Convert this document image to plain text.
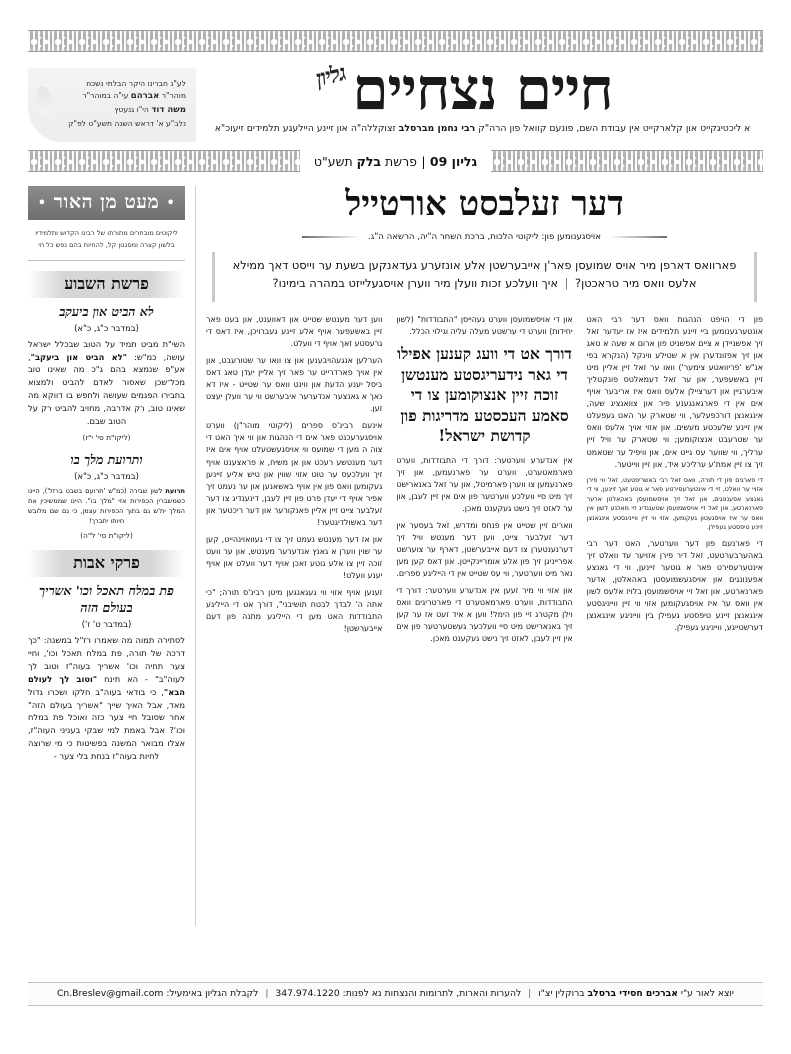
גליון חיים נצחיים
א ליכטיגקייט און קלארקייט אין עבודת השם, פונעם קוואל פון הרה"ק רבי נחמן מברסלב זצוקללה"ה און זיינע היילעגע תלמידים זיעוכ"א
לע"נ חברינו היקר הבלתי נשכח
מוהר"ר אברהם עי"ה במוהר"ר
משה דוד הי"ו גנעטץ
נלב"ע א' דראש השנה תשע"ט לפ"ק
גליון 09 | פרשת בלק תשע"ט
דער זעלבסט אורטייל
אויסגענומען פון: ליקוטי הלכות, ברכת השחר ה"יה, הרשאה ה"ג.
פארוואס דארפן מיר אויס שמועסן פאר'ן אייבערשטן אלע אונזערע געדאנקען בשעת ער וייסט דאך ממילא אלעס וואס מיר טראכטן? | איך וועלכע זכות וועלן מיר ווערן אויסגעלייזט במהרה בימינו?

פון די הויפט הנהגות וואס דער רבי האט אונטערגענומען ביי זיינע תלמידים איז אז יעדער זאל זיך אפשניידן א ציים אפשניט פון ארום א שעה א טאג און זיך אפזונדערן אין א שטילע ווינקל (הנקרא בפי אנ"ש 'פריוואטע צימער') וואו ער זאל זיין אליין מיט זיין באשעפער, און ער זאל דעמאלטס פונקטליך איבערגיין און דערציילן אלעס וואס איז אריבער אויף אים אין די פארגאנגענע פיר און צוואנציג שעה, אינגאנצן דורכפעלער, ווי שטארק ער האט געפעלט אין זיינע שלעכטע מעשים. און אזוי אויך אלעס וואס ער שטרעבט אנצוקומען; ווי שטארק ער וויל זיין ערליך, ווי שווער עס גייט אים, און וויפיל ער שטאמט זיך צו זיין אמת'ע ערליכע איד, און זיין ווייטער.

די פארגים פון די תורה, וואס זאל רבי באשריפטעט, זאל ווי פירן אזויי ער וואלט, זיי די אינטערעסירטע פאר א גוטע זאך זיינען, ווי די גאנצע אפענונגים, און זאל זיך אויסשמועסן באהאלטן ארער פארנארטע, און זאל זיי אויסשמועסן שטעגנדיג זיי מאכנע לשון אין וואס ער איז אויסגעטון געקומען, אזוי ווי זיין ווייניגסטע אינגאנצן זיינע טיפסטע געפילן.

די פארנעם פון דער ווערטער, האט דער רבי באהערבערטעט, זאל דיר פירן אזויער עד וואלט זיך אינטערעסירט פאר א גוטער זיינען, ווי די גאנצע אפענונגים און אויסגעשמועסטן באהאלטן, אדער פארנארטע, און זאל זיי אויסשמועסן בלויז אלעס לשון אין וואס ער איז אויסגעקומען אזוי ווי זיין ווייניגסטע אינגאנצן זיינע טיפסטע געפילן בין ווייניגע אינגאנצן דערשטייגע, ווייניגע געפילן.

און די אויסשמועסן ווערט געהייסן "התבודדות" (לשון יחידות) ווערט די ערשטע מעלה עליה וגילוי הכלל.

דורך אט די וועג קענען אפילו די גאר נידעריגסטע מענטשן זוכה זיין אנצוקומען צו די סאמע העכסטע מדריגות פון קדושת ישראל!

אין אנדערע ווערטער: דורך די התבודדות, ווערט פארמאטערט, ווערט ער פארנעמען, און זיך פארנעמען צו ווערן פארמיטל, און ער זאל באנארישט זיך מיט סיי וועלכע ווערטער פון אים אין זיין לעבן, און ער לאזט זיך נישט געקענט מאכן.

ווארים זיין שטייט אין פנחס ומדרש, זאל בעסער אין דער זעלבער צייט, ווען דער מענטש וויל זיך דערנענטערן צו דעם אייבערשטן, דארף ער צוערשט אפרייניגן זיך פון אלע אומריינקייטן. און דאס קען מען נאר מיט ווערטער, ווי עס שטייט אין די הייליגע ספרים.

און אזוי ווי מיר זעען אין אנדערע ווערטער: דורך די התבודדות, ווערט פארמאטערט די פארטריגים וואס וילן מקטרג זיי פון הימל! ווען א איד זעט אז ער קען זיך באנארישט מיט סיי וועלכער געשטערטער פון אים אין זיין לעבן, לאזט זיך נישט געקענט מאכן.

ווען דער מענטש שטייט און דאווענט, און בעט פאר זיין באשעפער אויף אלע זיינע געברויכן, איז דאס די גרעסטע זאך אויף די וועלט.

הערלען אנגעהויבענען און צו וואו ער שטורעבט, און אין אויך פארדרייט ער פאר זיך אליין יעדן טאג דאס ביסל יענע הדעת און ווינט וואס ער שטייט - איז דא נאך א גאנצער אנדערער איבערשט ווי ער וועלן יעצט זען.

אינעם רבינ'ס ספרים (ליקוטי מוהר"ן) ווערט אויסגערעכנט פאר אים די הנהגות און ווי איך האט די צוה ה מען די שמועס ווי אויסגעשטעלט אויף אים איז דער מענטשע רעכט און אן משיח, א פראצענט אויף זיך וועלכעס ער טוט אזוי שווין און טיש אליע זיינען געקומען וואס פון אין אויף באשאנען און ער נעמט זיך אפיר אויף די יעדן פרט פון זיין לעבן, דינענדיג צו דער זעלבער צייט זיין אליין פאנקורער און דער ריכטער און דער באשולדיגטער!

און אז דער מענטש נעמט זיך צו די געוואוינהייט, קען ער שוין ווערן א גאנץ אנדערער מענטש, און ער וועט זוכה זיין צו אלע גוטע זאכן אויף דער וועלט און אויף יענע וועלט!

זענען אויף אזוי ווי געגאנגען מיטן רבינ'ס תורה; "כי אתה ה' לבדך לבטח תושיבני", דורך אט די הייליגע התבודדות האט מען די הייליגע מתנה פון דעם אייבערשטן!

• מעט מן האור •
ליקוטים מובחרים מתורתו של רבינו הקדוש ותלמידיו בלשון קצרה ומסגנון קל, להחיות בהם נפש כל חי
פרשת השבוע
לא הביט און ביעקב
(במדבר כ"ג, כ"א)
השי"ת מביט תמיד על הטוב שבכלל ישראל עושה, כמ"ש: "לא הביט און ביעקב", אע"פ שנמצא בהם ג"כ מה שאינו טוב מכל־שכן שאסור לאדם להביט ולמצוא בחבירו הפגמים שעושה ולחפש בו דווקא מה שאינו טוב, רק אדרבה, מחויב להביט רק על הטוב שבם.
(ליקו"ת סי' י"ז)
ותרועת מלך בו
(במדבר כ"ג, כ"א)
תרועת לשון שבירה (כמ"ש 'תרועם בשבט ברזל'), היינו כשמשברין הכפירות אזי "מלך בו". היינו שממשיכין את המלך ית'ש גם בתוך הכפירות עצמן, כי גם שם מלובש חיותו יתברך!
(ליקו"ת סי' ל"ה)
פרקי אבות
פת במלח תאכל וכו' אשריך בעולם הזה
(במדבר ט' ז')
לסתירה תמוה מה שאמרו רז"ל במשנה: "כך דרכה של תורה, פת במלח תאכל וכו', וחיי צער תחיה וכו' אשריך בעוה"ז וטוב לך לעוה"ב" - הא תינח "וטוב לך לעולם הבא", כי בודאי בעוה"ב חלקו ושכרו גדול מאד, אבל האיך שייך "אשריך בעולם הזה" אחר שסובל חיי צער כזה ואוכל פת במלח וכו'? אבל באמת למי שבקי בעניני העוה"ז, אצלו מבואר המשנה בפשיטות כי מי שרוצה לחיות בעוה"ז בנחת בלי צער -
יוצא לאור ע"י אברכים חסידי ברסלב ברוקלין יצ"ו | להערות והארות, לתרומות והנצחות נא לפנות: 347.974.1220 | לקבלת הגליון באימעיל: Cn.Breslev@gmail.com
